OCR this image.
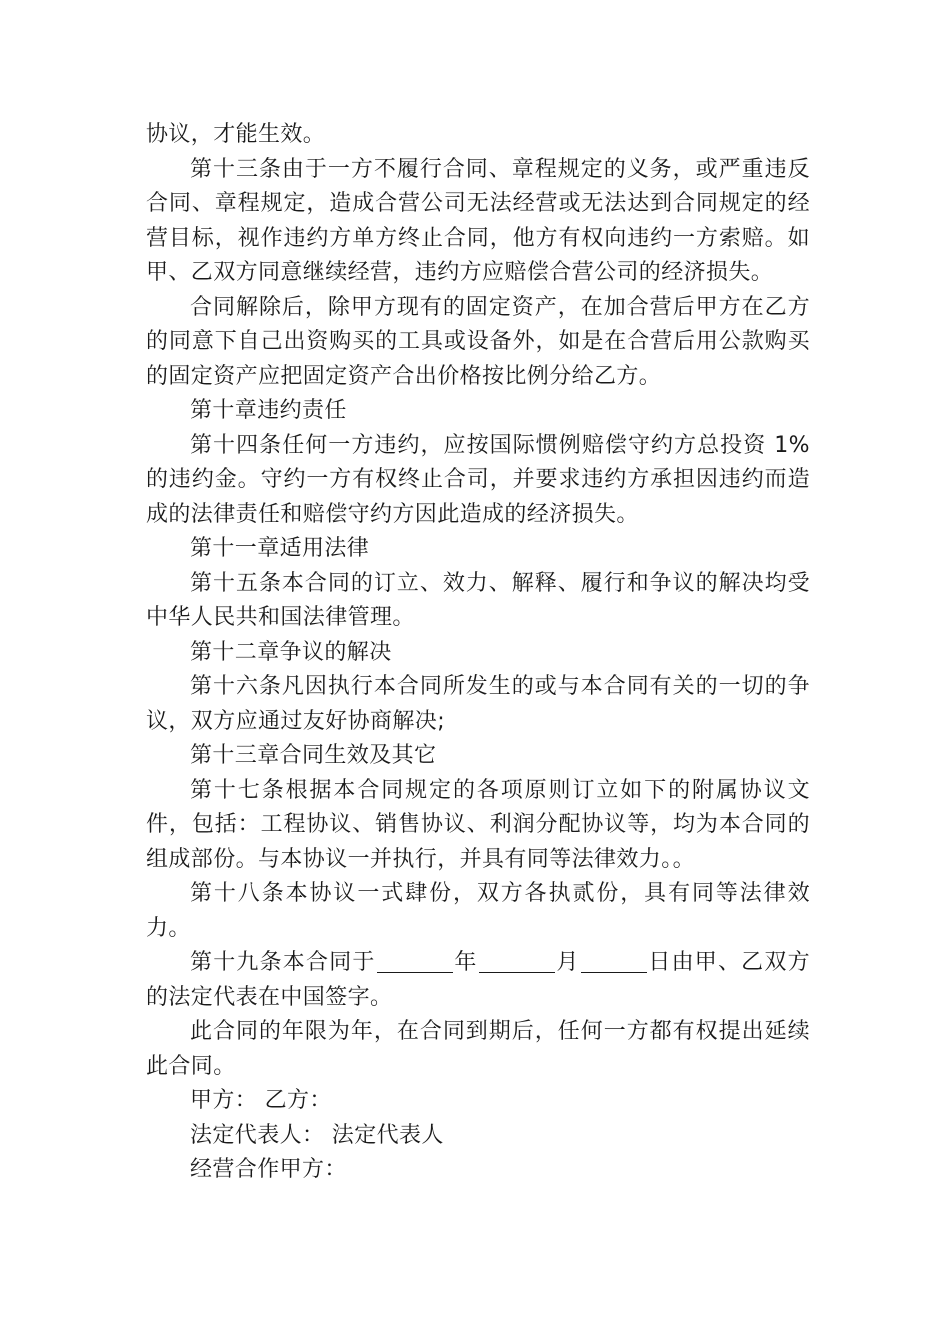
协议，才能生效。

第十三条由于一方不履行合同、章程规定的义务，或严重违反合同、章程规定，造成合营公司无法经营或无法达到合同规定的经营目标，视作违约方单方终止合同，他方有权向违约一方索赔。如甲、乙双方同意继续经营，违约方应赔偿合营公司的经济损失。

合同解除后，除甲方现有的固定资产，在加合营后甲方在乙方的同意下自己出资购买的工具或设备外，如是在合营后用公款购买的固定资产应把固定资产合出价格按比例分给乙方。

第十章违约责任

第十四条任何一方违约，应按国际惯例赔偿守约方总投资 1%的违约金。守约一方有权终止合司，并要求违约方承担因违约而造成的法律责任和赔偿守约方因此造成的经济损失。

第十一章适用法律

第十五条本合同的订立、效力、解释、履行和争议的解决均受中华人民共和国法律管理。

第十二章争议的解决

第十六条凡因执行本合同所发生的或与本合同有关的一切的争议，双方应通过友好协商解决;

第十三章合同生效及其它

第十七条根据本合同规定的各项原则订立如下的附属协议文件，包括：工程协议、销售协议、利润分配协议等，均为本合同的组成部份。与本协议一并执行，并具有同等法律效力。。

第十八条本协议一式肆份，双方各执贰份，具有同等法律效力。

第十九条本合同于	年	月	日由甲、乙双方的法定代表在中国签字。

此合同的年限为年，在合同到期后，任何一方都有权提出延续此合同。

甲方： 乙方：

法定代表人： 法定代表人

经营合作甲方：
